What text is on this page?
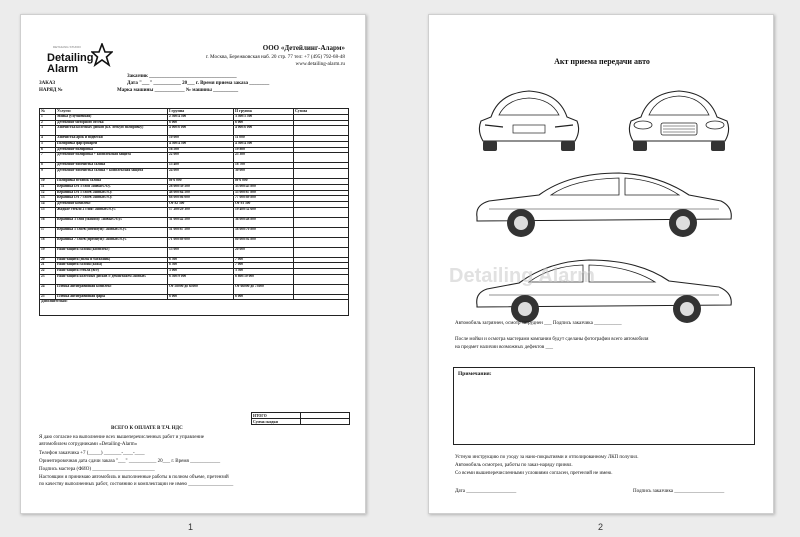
DETAILING STUDIO
Detailing
Alarm
ООО «Детейлинг-Аларм»
г. Москва, Бережковская наб. 20 стр. 77 тел: +7 (495) 792-68-48
www.detailing-alarm.ru
Заказчик ___________________________________
ЗАКАЗ	Дата "___" ___________ 20___ г. Время приема заказа ________
НАРЯД №	Марка машины ____________ № машины __________
№	Услуги:	I группа	II группа	Сумма
1	Мойка (улучшенная)	2 500/4 500	3 500/5 500	
2	Детейлинг моторного отсека	6 000	6 000	
3	Химчистка колесных дисков (кл. легкую полировку)	4 000/6 000	4 000/6 000	
4	Химчистка арок и подвески	10 000	11 000	
5	Полировка фар/фонарей	4 500/4 500	4 500/4 500	
6	Детейлинг-полировка	16 500	19 800	
7	Детейлинг-полировка + комплексная защита	22 000	25 300	
8	Детейлинг-химчистка салона	15 400	18 700	
9	Детейлинг-химчистка салона + комплексная защита	24 000	30 000	
10	Полировка вставок салона	от 6 000	от 6 000	
11	Керамика DA 3 слоя «новые»/б.у.	28 000/39 500	33 000/45 800	
12	Керамика DA 5 слоев «новые»/б.у.	48 000/64 500	55 000/67 800	
13	Керамика DA 7 слоев «новые»/б.у.	68 000/86 000	77 000/89 800	
14	Детейлинг комплекс	От 82 500	От 93 500	
15	Жидкое стекло 2 слоя: «новые»/б.у»	17 200/29 300	19 400/32 600	
16	Керамика 3 слоя (эконом): «новые»/б.у»	31 000/42 500	36 000/48 800	
17	Керамика 5 слоев (оптимум): «новые»/б.у»	51 000/67 500	58 000/70 800	
18	Керамика 7 слоев (премиум): «новые»/б.у»	71 000/89 000	80 000/92 800	
19	Нано-защита салона (комплекс)	15 000	20 000	
20	Нано-защита (полы и багажник)	6 500	7 000	
21	Нано-защита салона (кожа)	6 500	7 000	
22	Нано-защита стекла (все)	3 000	3 500	
23	Нано-защита колесных дисков /с демонтажем «новые»	6 500/9 000	6 800/10 000	
24	Пленка антигравийная комплекс	От 58000 до 65000	От 66000 до 73000	
25	Пленка антигравийная фары	6 000	6 000	
Дополнительно:				
ИТОГО	
Сумма скидки	
ВСЕГО К ОПЛАТЕ В Т.Ч. НДС
Я даю согласие на выполнение всех вышеперечисленных работ и управление
автомобилем сотрудниками «Detailing-Alarm»
Телефон заказчика +7 (_____) _______-____-____
Ориентировочная дата сдачи заказа "___" ___________ 20___ г. Время ____________
Подпись мастера (ФИО) _________________________
Настоящим я принимаю автомобиль и выполненные работы в полном объеме, претензий
по качеству выполненных работ, состоянию и комплектации не имею __________________
Акт приема передачи авто
Detailing Alarm
Автомобиль загрязнен, осмотр затруднен ___ Подпись заказчика ___________
После мойки и осмотра мастерами компании будут сделаны фотографии всего автомобиля
на предмет наличии возможных дефектов ___
Примечания:
Устную инструкцию по уходу за нано-покрытиями и отполированному ЛКП получил.
Автомобиль осмотрел, работы по заказ-наряду принял.
Со всеми вышеперечисленными условиями согласен, претензий не имею.
Дата ____________________	Подпись заказчика ____________________
1	2
